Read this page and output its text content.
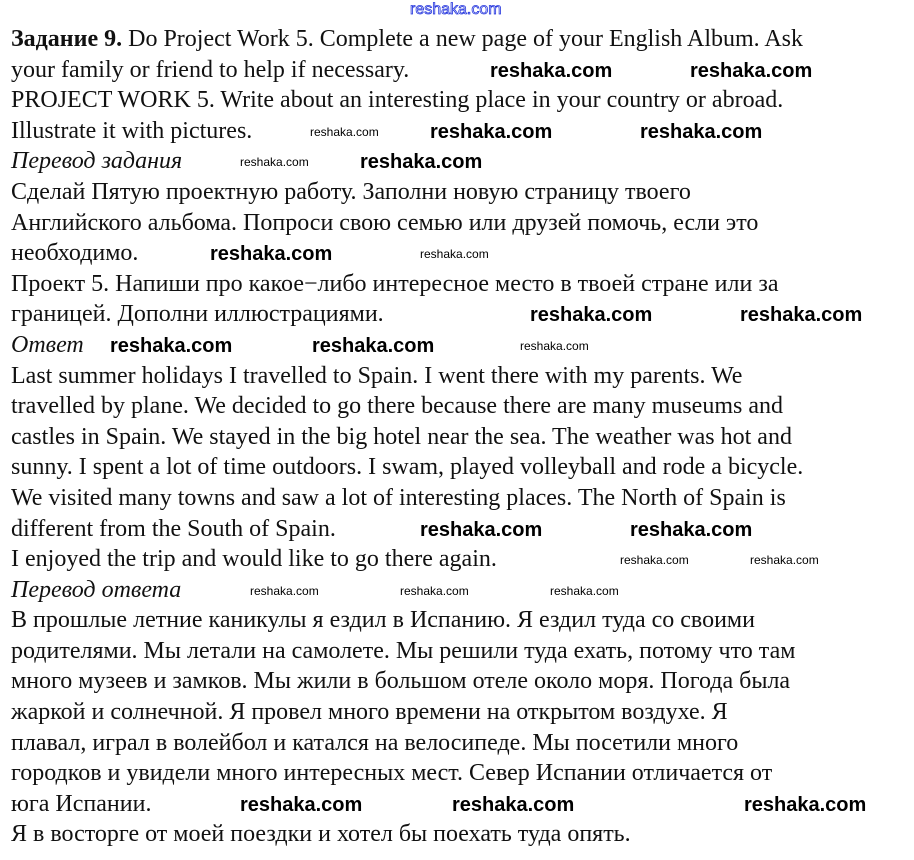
Задание 9. Do Project Work 5. Complete a new page of your English Album. Ask
your family or friend to help if necessary.
PROJECT WORK 5. Write about an interesting place in your country or abroad.
Illustrate it with pictures.
Перевод задания
Сделай Пятую проектную работу. Заполни новую страницу твоего
Английского альбома. Попроси свою семью или друзей помочь, если это
необходимо.
Проект 5. Напиши про какое−либо интересное место в твоей стране или за
границей. Дополни иллюстрациями.
Ответ
Last summer holidays I travelled to Spain. I went there with my parents. We
travelled by plane. We decided to go there because there are many museums and
castles in Spain. We stayed in the big hotel near the sea. The weather was hot and
sunny. I spent a lot of time outdoors. I swam, played volleyball and rode a bicycle.
We visited many towns and saw a lot of interesting places. The North of Spain is
different from the South of Spain.
I enjoyed the trip and would like to go there again.
Перевод ответа
В прошлые летние каникулы я ездил в Испанию. Я ездил туда со своими
родителями. Мы летали на самолете. Мы решили туда ехать, потому что там
много музеев и замков. Мы жили в большом отеле около моря. Погода была
жаркой и солнечной. Я провел много времени на открытом воздухе. Я
плавал, играл в волейбол и катался на велосипеде. Мы посетили много
городков и увидели много интересных мест. Север Испании отличается от
юга Испании.
Я в восторге от моей поездки и хотел бы поехать туда опять.
reshaka.com
reshaka.com	reshaka.com
reshaka.com	reshaka.com	reshaka.com
reshaka.com	reshaka.com
reshaka.com	reshaka.com
reshaka.com	reshaka.com
reshaka.com	reshaka.com	reshaka.com
reshaka.com	reshaka.com
reshaka.com	reshaka.com
reshaka.com	reshaka.com	reshaka.com
reshaka.com	reshaka.com	reshaka.com
